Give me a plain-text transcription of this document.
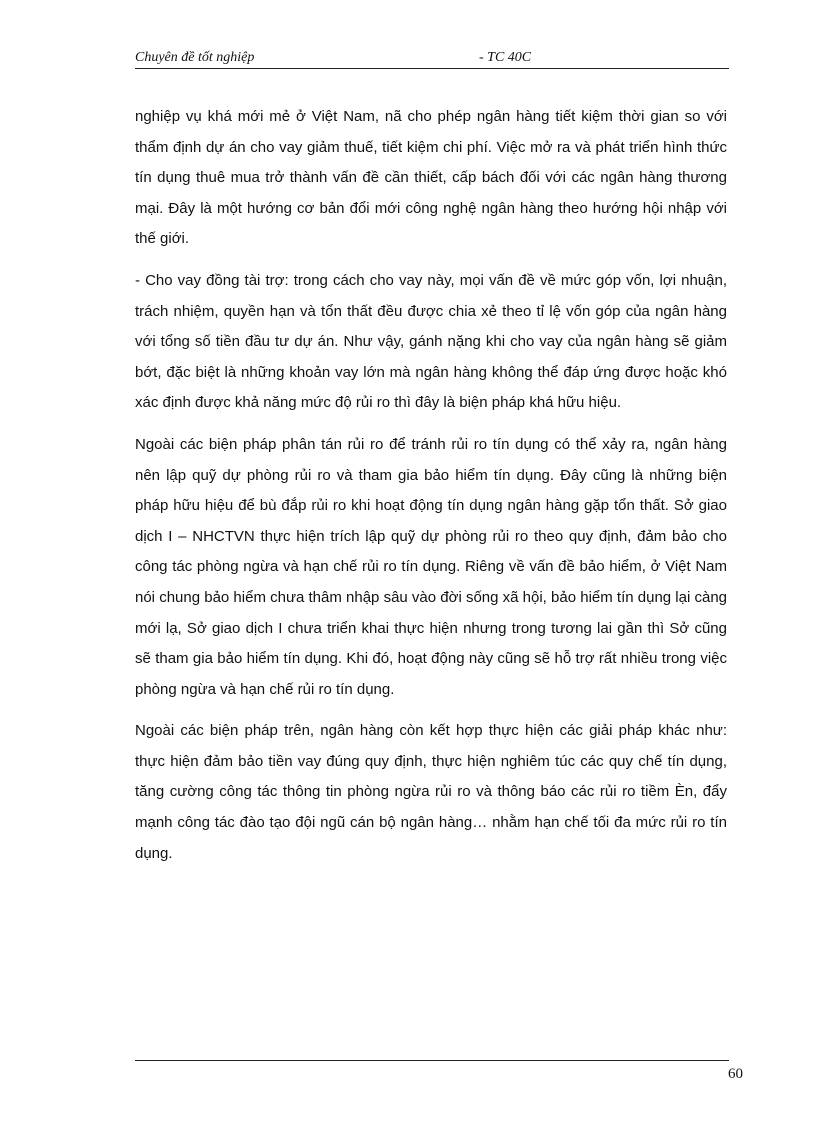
Chuyên đề tốt nghiệp	- TC 40C

nghiệp vụ khá mới mẻ ở Việt Nam, nã cho phép ngân hàng tiết kiệm thời gian so với thẩm định dự án cho vay giảm thuế, tiết kiệm chi phí. Việc mở ra và phát triển hình thức tín dụng thuê mua trở thành vấn đề cần thiết, cấp bách đối với các ngân hàng thương mại. Đây là một hướng cơ bản đổi mới công nghệ ngân hàng theo hướng hội nhập với thế giới.

- Cho vay đồng tài trợ: trong cách cho vay này, mọi vấn đề về mức góp vốn, lợi nhuận, trách nhiệm, quyền hạn và tổn thất đều được chia xẻ theo tỉ lệ vốn góp của ngân hàng với tổng số tiền đầu tư dự án. Như vậy, gánh nặng khi cho vay của ngân hàng sẽ giảm bớt, đặc biệt là những khoản vay lớn mà ngân hàng không thể đáp ứng được hoặc khó xác định được khả năng mức độ rủi ro thì đây là biện pháp khá hữu hiệu.

Ngoài các biện pháp phân tán rủi ro để tránh rủi ro tín dụng có thể xảy ra, ngân hàng nên lập quỹ dự phòng rủi ro và tham gia bảo hiểm tín dụng. Đây cũng là những biện pháp hữu hiệu để bù đắp rủi ro khi hoạt động tín dụng ngân hàng gặp tổn thất. Sở giao dịch I – NHCTVN thực hiện trích lập quỹ dự phòng rủi ro theo quy định, đảm bảo cho công tác phòng ngừa và hạn chế rủi ro tín dụng. Riêng về vấn đề bảo hiểm, ở Việt Nam nói chung bảo hiểm chưa thâm nhập sâu vào đời sống xã hội, bảo hiểm tín dụng lại càng mới lạ, Sở giao dịch I chưa triển khai thực hiện nhưng trong tương lai gần thì Sở cũng sẽ tham gia bảo hiểm tín dụng. Khi đó, hoạt động này cũng sẽ hỗ trợ rất nhiều trong việc phòng ngừa và hạn chế rủi ro tín dụng.

Ngoài các biện pháp trên, ngân hàng còn kết hợp thực hiện các giải pháp khác như: thực hiện đảm bảo tiền vay đúng quy định, thực hiện nghiêm túc các quy chế tín dụng, tăng cường công tác thông tin phòng ngừa rủi ro và thông báo các rủi ro tiềm Èn, đẩy mạnh công tác đào tạo đội ngũ cán bộ ngân hàng… nhằm hạn chế tối đa mức rủi ro tín dụng.

60
